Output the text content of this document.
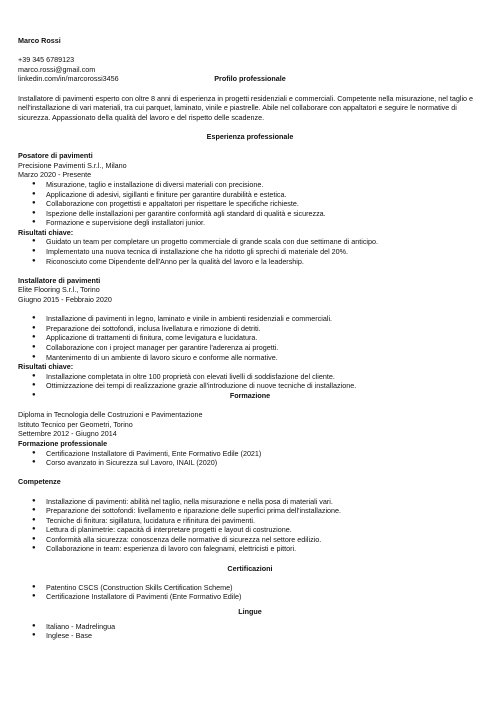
Marco Rossi
+39 345 6789123
marco.rossi@gmail.com
linkedin.com/in/marcorossi3456	Profilo professionale

Installatore di pavimenti esperto con oltre 8 anni di esperienza in progetti residenziali e commerciali. Competente nella misurazione, nel taglio e nell'installazione di vari materiali, tra cui parquet, laminato, vinile e piastrelle. Abile nel collaborare con appaltatori e seguire le normative di sicurezza. Appassionato della qualità del lavoro e del rispetto delle scadenze.

Esperienza professionale
Posatore di pavimenti
Precisione Pavimenti S.r.l., Milano
Marzo 2020 - Presente
● Misurazione, taglio e installazione di diversi materiali con precisione.
● Applicazione di adesivi, sigillanti e finiture per garantire durabilità e estetica.
● Collaborazione con progettisti e appaltatori per rispettare le specifiche richieste.
● Ispezione delle installazioni per garantire conformità agli standard di qualità e sicurezza.
● Formazione e supervisione degli installatori junior.
Risultati chiave:
● Guidato un team per completare un progetto commerciale di grande scala con due settimane di anticipo.
● Implementato una nuova tecnica di installazione che ha ridotto gli sprechi di materiale del 20%.
● Riconosciuto come Dipendente dell'Anno per la qualità del lavoro e la leadership.
Installatore di pavimenti
Elite Flooring S.r.l., Torino
Giugno 2015 - Febbraio 2020
● Installazione di pavimenti in legno, laminato e vinile in ambienti residenziali e commerciali.
● Preparazione dei sottofondi, inclusa livellatura e rimozione di detriti.
● Applicazione di trattamenti di finitura, come levigatura e lucidatura.
● Collaborazione con i project manager per garantire l'aderenza ai progetti.
● Mantenimento di un ambiente di lavoro sicuro e conforme alle normative.
Risultati chiave:
● Installazione completata in oltre 100 proprietà con elevati livelli di soddisfazione del cliente.
● Ottimizzazione dei tempi di realizzazione grazie all'introduzione di nuove tecniche di installazione.
●
Formazione
Diploma in Tecnologia delle Costruzioni e Pavimentazione
Istituto Tecnico per Geometri, Torino
Settembre 2012 - Giugno 2014
Formazione professionale
● Certificazione Installatore di Pavimenti, Ente Formativo Edile (2021)
● Corso avanzato in Sicurezza sul Lavoro, INAIL (2020)
Competenze
● Installazione di pavimenti: abilità nel taglio, nella misurazione e nella posa di materiali vari.
● Preparazione dei sottofondi: livellamento e riparazione delle superfici prima dell'installazione.
● Tecniche di finitura: sigillatura, lucidatura e rifinitura dei pavimenti.
● Lettura di planimetrie: capacità di interpretare progetti e layout di costruzione.
● Conformità alla sicurezza: conoscenza delle normative di sicurezza nel settore edilizio.
● Collaborazione in team: esperienza di lavoro con falegnami, elettricisti e pittori.
Certificazioni
● Patentino CSCS (Construction Skills Certification Scheme)
● Certificazione Installatore di Pavimenti (Ente Formativo Edile)
Lingue
● Italiano - Madrelingua
● Inglese - Base
